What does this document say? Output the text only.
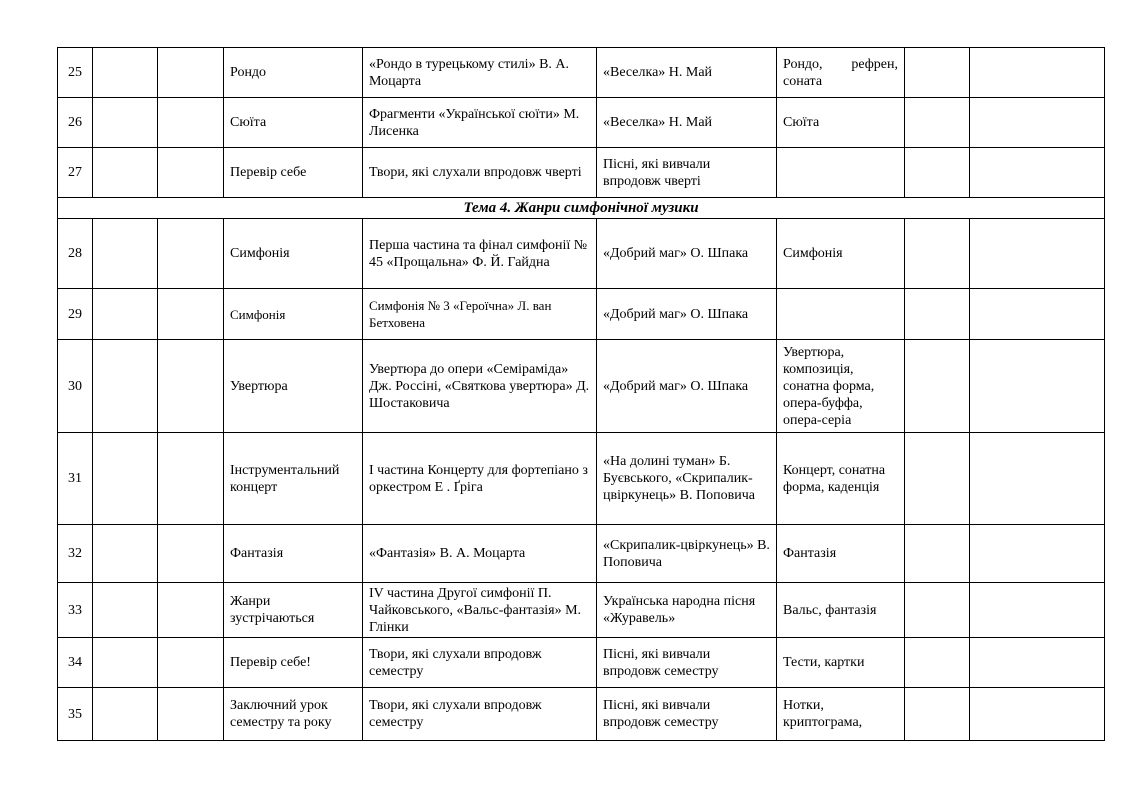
25			Рондо	«Рондо в турецькому стилі» В. А. Моцарта	«Веселка» Н. Май	Рондо, рефрен,
соната		
26			Сюїта	Фрагменти «Української сюїти» М. Лисенка	«Веселка» Н. Май	Сюїта		
27			Перевір себе	Твори, які слухали впродовж чверті	Пісні, які вивчали впродовж чверті			
Тема 4. Жанри симфонічної музики								
28			Симфонія	Перша частина та фінал симфонії № 45 «Прощальна» Ф. Й. Гайдна	«Добрий маг» О. Шпака	Симфонія		
29			Симфонія	Симфонія № 3 «Героїчна» Л. ван Бетховена	«Добрий маг» О. Шпака			
30			Увертюра	Увертюра до опери «Семіраміда» Дж. Россіні, «Святкова увертюра» Д. Шостаковича	«Добрий маг» О. Шпака	Увертюра, композиція, сонатна форма, опера-буффа, опера-серіа		
31			Інструментальний концерт	І частина Концерту для фортепіано з оркестром Е . Ґріга	«На долині туман» Б. Буєвського, «Скрипалик-цвіркунець» В. Поповича	Концерт, сонатна форма, каденція		
32			Фантазія	«Фантазія» В. А. Моцарта	«Скрипалик-цвіркунець» В. Поповича	Фантазія		
33			Жанри зустрічаються	IV частина Другої симфонії П. Чайковського, «Вальс-фантазія» М. Глінки	Українська народна пісня «Журавель»	Вальс, фантазія		
34			Перевір себе!	Твори, які слухали впродовж семестру	Пісні, які вивчали впродовж семестру	Тести, картки		
35			Заключний урок семестру та року	Твори, які слухали впродовж семестру	Пісні, які вивчали впродовж семестру	Нотки, криптограма,		
